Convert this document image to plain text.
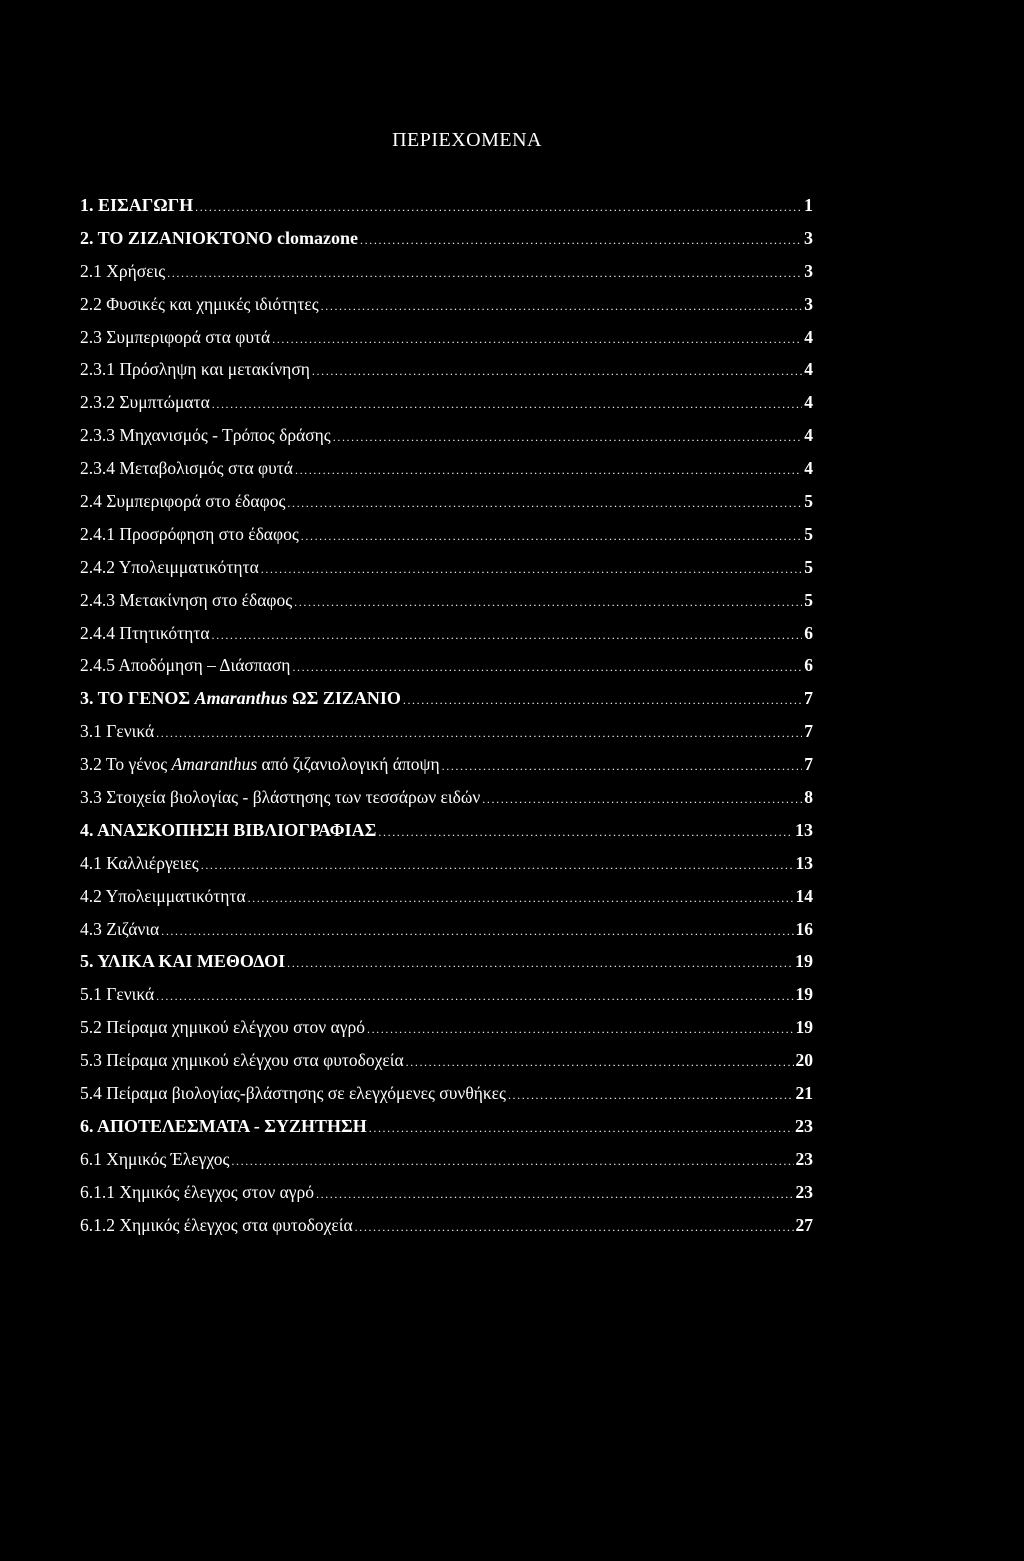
ΠΕΡΙΕΧΟΜΕΝΑ
1. ΕΙΣΑΓΩΓΗ .....	1
2. ΤΟ ΖΙΖΑΝΙΟΚΤΟΝΟ clomazone .....	3
2.1 Χρήσεις .....	3
2.2 Φυσικές και χημικές ιδιότητες .....	3
2.3 Συμπεριφορά στα φυτά .....	4
2.3.1 Πρόσληψη και μετακίνηση .....	4
2.3.2 Συμπτώματα .....	4
2.3.3 Μηχανισμός - Τρόπος δράσης .....	4
2.3.4 Μεταβολισμός στα φυτά .....	4
2.4 Συμπεριφορά στο έδαφος .....	5
2.4.1 Προσρόφηση στο έδαφος .....	5
2.4.2 Υπολειμματικότητα .....	5
2.4.3 Μετακίνηση στο έδαφος .....	5
2.4.4 Πτητικότητα .....	6
2.4.5 Αποδόμηση – Διάσπαση .....	6
3. ΤΟ ΓΕΝΟΣ Amaranthus ΩΣ ΖΙΖΑΝΙΟ .....	7
3.1 Γενικά .....	7
3.2 Το γένος Amaranthus από ζιζανιολογική άποψη .....	7
3.3 Στοιχεία βιολογίας - βλάστησης των τεσσάρων ειδών .....	8
4. ΑΝΑΣΚΟΠΗΣΗ ΒΙΒΛΙΟΓΡΑΦΙΑΣ .....	13
4.1 Καλλιέργειες .....	13
4.2 Υπολειμματικότητα .....	14
4.3 Ζιζάνια .....	16
5. ΥΛΙΚΑ ΚΑΙ ΜΕΘΟΔΟΙ .....	19
5.1 Γενικά .....	19
5.2 Πείραμα χημικού ελέγχου στον αγρό .....	19
5.3 Πείραμα χημικού ελέγχου στα φυτοδοχεία .....	20
5.4 Πείραμα βιολογίας-βλάστησης σε ελεγχόμενες συνθήκες .....	21
6. ΑΠΟΤΕΛΕΣΜΑΤΑ - ΣΥΖΗΤΗΣΗ .....	23
6.1 Χημικός Έλεγχος .....	23
6.1.1 Χημικός έλεγχος στον αγρό .....	23
6.1.2 Χημικός έλεγχος στα φυτοδοχεία .....	27
